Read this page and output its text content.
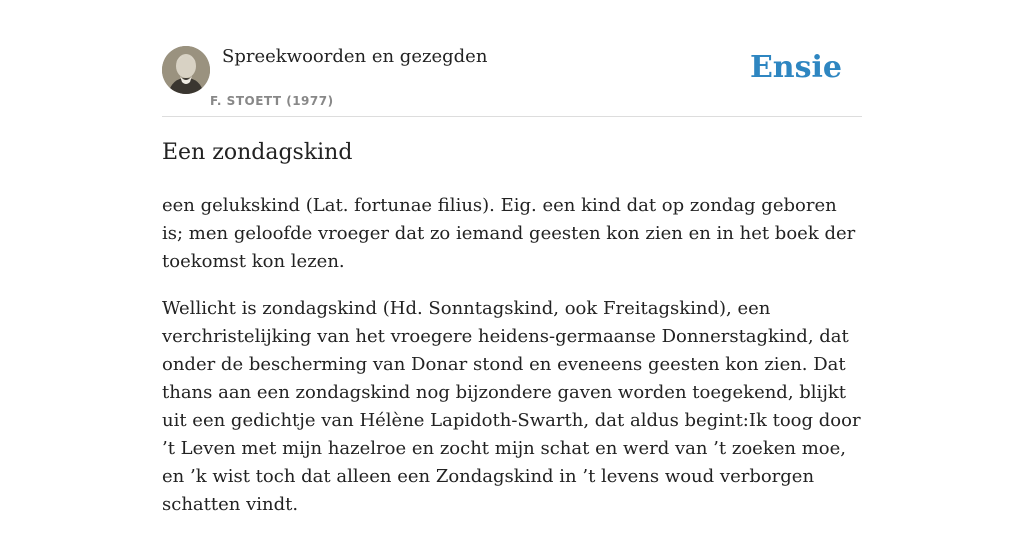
Spreekwoorden en gezegden
F. STOETT (1977)
Ensie
Een zondagskind

een gelukskind (Lat. fortunae filius). Eig. een kind dat op zondag geboren is; men geloofde vroeger dat zo iemand geesten kon zien en in het boek der toekomst kon lezen.

Wellicht is zondagskind (Hd. Sonntagskind, ook Freitagskind), een verchristelijking van het vroegere heidens-germaanse Donnerstagkind, dat onder de bescherming van Donar stond en eveneens geesten kon zien. Dat thans aan een zondagskind nog bijzondere gaven worden toegekend, blijkt uit een gedichtje van Hélène Lapidoth-Swarth, dat aldus begint:Ik toog door ’t Leven met mijn hazelroe en zocht mijn schat en werd van ’t zoeken moe, en ’k wist toch dat alleen een Zondagskind in ’t levens woud verborgen schatten vindt.
